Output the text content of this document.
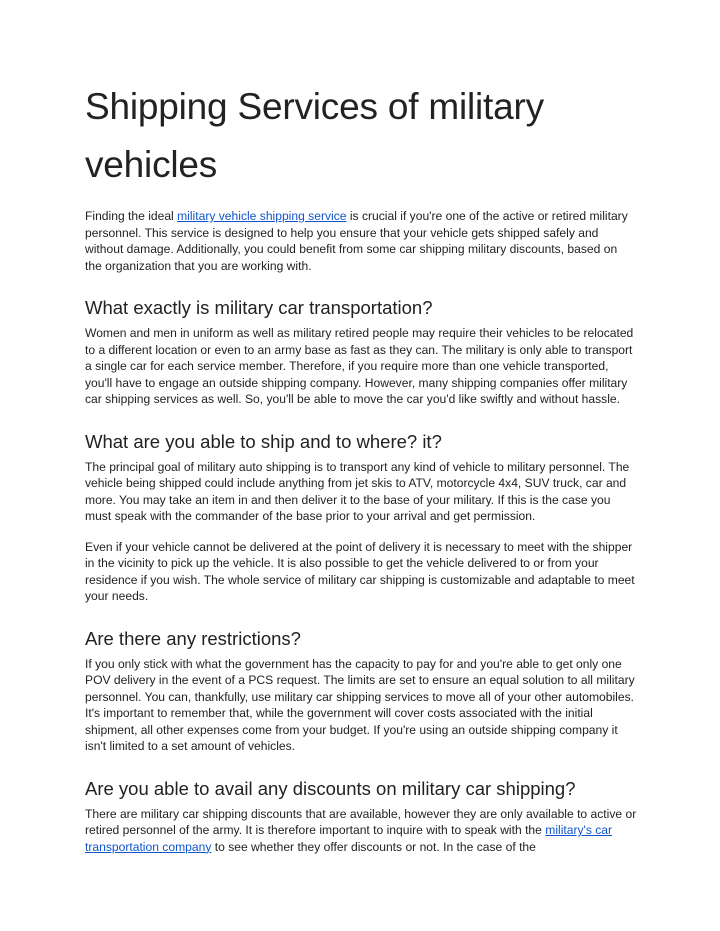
Shipping Services of military vehicles

Finding the ideal military vehicle shipping service is crucial if you're one of the active or retired military personnel. This service is designed to help you ensure that your vehicle gets shipped safely and without damage. Additionally, you could benefit from some car shipping military discounts, based on the organization that you are working with.

What exactly is military car transportation?

Women and men in uniform as well as military retired people may require their vehicles to be relocated to a different location or even to an army base as fast as they can. The military is only able to transport a single car for each service member. Therefore, if you require more than one vehicle transported, you'll have to engage an outside shipping company. However, many shipping companies offer military car shipping services as well. So, you'll be able to move the car you'd like swiftly and without hassle.

What are you able to ship and to where? it?

The principal goal of military auto shipping is to transport any kind of vehicle to military personnel. The vehicle being shipped could include anything from jet skis to ATV, motorcycle 4x4, SUV truck, car and more. You may take an item in and then deliver it to the base of your military. If this is the case you must speak with the commander of the base prior to your arrival and get permission.

Even if your vehicle cannot be delivered at the point of delivery it is necessary to meet with the shipper in the vicinity to pick up the vehicle. It is also possible to get the vehicle delivered to or from your residence if you wish. The whole service of military car shipping is customizable and adaptable to meet your needs.

Are there any restrictions?

If you only stick with what the government has the capacity to pay for and you're able to get only one POV delivery in the event of a PCS request. The limits are set to ensure an equal solution to all military personnel. You can, thankfully, use military car shipping services to move all of your other automobiles. It's important to remember that, while the government will cover costs associated with the initial shipment, all other expenses come from your budget. If you're using an outside shipping company it isn't limited to a set amount of vehicles.

Are you able to avail any discounts on military car shipping?

There are military car shipping discounts that are available, however they are only available to active or retired personnel of the army. It is therefore important to inquire with to speak with the military's car transportation company to see whether they offer discounts or not. In the case of the
